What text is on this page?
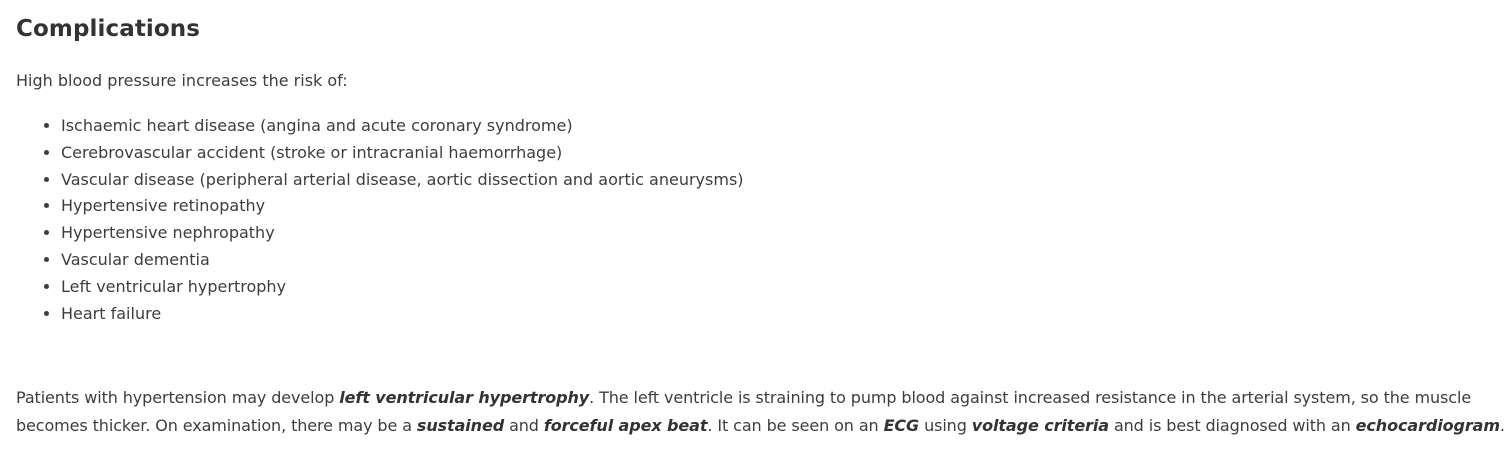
Complications

High blood pressure increases the risk of:

• Ischaemic heart disease (angina and acute coronary syndrome)
• Cerebrovascular accident (stroke or intracranial haemorrhage)
• Vascular disease (peripheral arterial disease, aortic dissection and aortic aneurysms)
• Hypertensive retinopathy
• Hypertensive nephropathy
• Vascular dementia
• Left ventricular hypertrophy
• Heart failure

Patients with hypertension may develop left ventricular hypertrophy. The left ventricle is straining to pump blood against increased resistance in the arterial system, so the muscle
becomes thicker. On examination, there may be a sustained and forceful apex beat. It can be seen on an ECG using voltage criteria and is best diagnosed with an echocardiogram.
